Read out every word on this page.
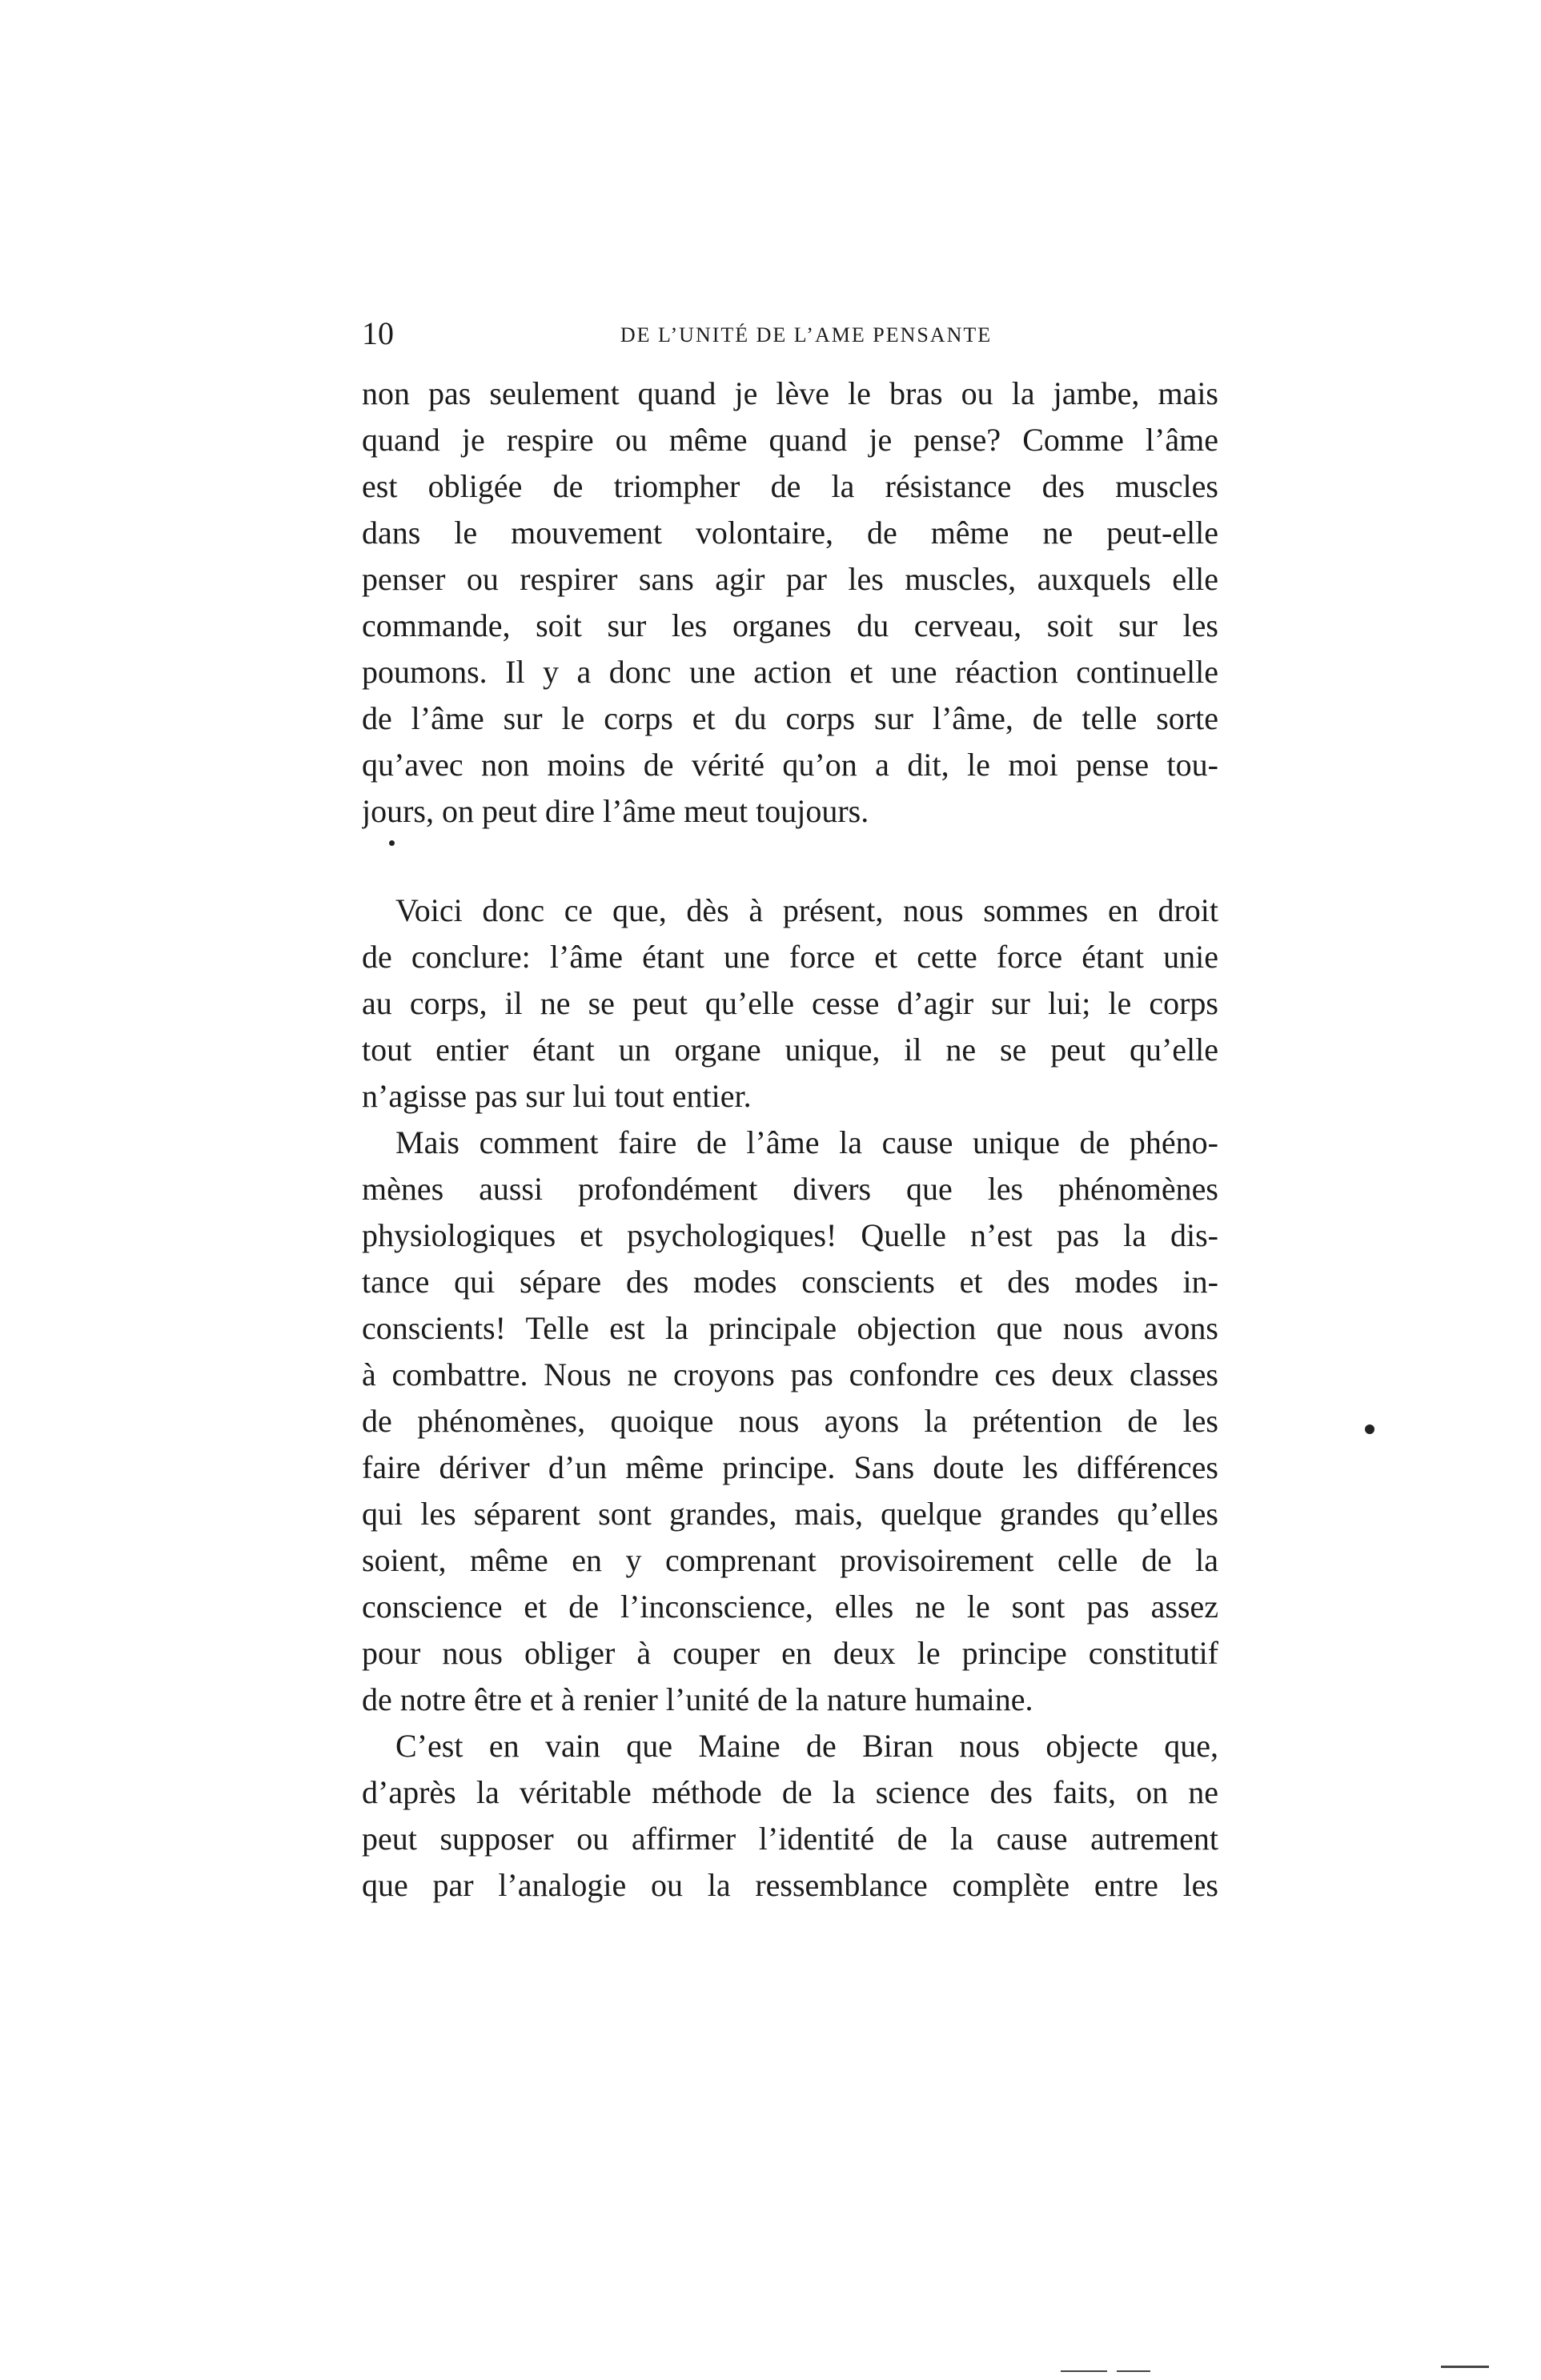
10	DE L’UNITÉ DE L’AME PENSANTE
non pas seulement quand je lève le bras ou la jambe, mais
quand je respire ou même quand je pense? Comme l’âme
est obligée de triompher de la résistance des muscles
dans le mouvement volontaire, de même ne peut-elle
penser ou respirer sans agir par les muscles, auxquels elle
commande, soit sur les organes du cerveau, soit sur les
poumons. Il y a donc une action et une réaction continuelle
de l’âme sur le corps et du corps sur l’âme, de telle sorte
qu’avec non moins de vérité qu’on a dit, le moi pense tou-
jours, on peut dire l’âme meut toujours.
Voici donc ce que, dès à présent, nous sommes en droit
de conclure: l’âme étant une force et cette force étant unie
au corps, il ne se peut qu’elle cesse d’agir sur lui; le corps
tout entier étant un organe unique, il ne se peut qu’elle
n’agisse pas sur lui tout entier.
Mais comment faire de l’âme la cause unique de phéno-
mènes aussi profondément divers que les phénomènes
physiologiques et psychologiques! Quelle n’est pas la dis-
tance qui sépare des modes conscients et des modes in-
conscients! Telle est la principale objection que nous avons
à combattre. Nous ne croyons pas confondre ces deux classes
de phénomènes, quoique nous ayons la prétention de les
faire dériver d’un même principe. Sans doute les différences
qui les séparent sont grandes, mais, quelque grandes qu’elles
soient, même en y comprenant provisoirement celle de la
conscience et de l’inconscience, elles ne le sont pas assez
pour nous obliger à couper en deux le principe constitutif
de notre être et à renier l’unité de la nature humaine.
C’est en vain que Maine de Biran nous objecte que,
d’après la véritable méthode de la science des faits, on ne
peut supposer ou affirmer l’identité de la cause autrement
que par l’analogie ou la ressemblance complète entre les
